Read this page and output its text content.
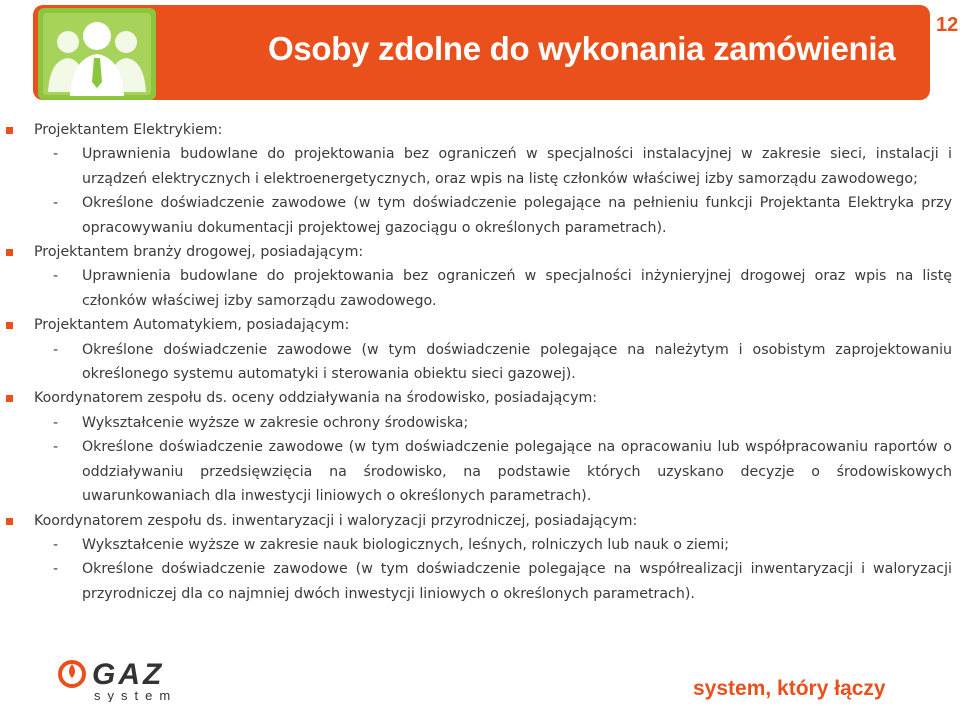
Osoby zdolne do wykonania zamówienia
12
Projektantem Elektrykiem:
- Uprawnienia budowlane do projektowania bez ograniczeń w specjalności instalacyjnej w zakresie sieci, instalacji i urządzeń elektrycznych i elektroenergetycznych, oraz wpis na listę członków właściwej izby samorządu zawodowego;
- Określone doświadczenie zawodowe (w tym doświadczenie polegające na pełnieniu funkcji Projektanta Elektryka przy opracowywaniu dokumentacji projektowej gazociągu o określonych parametrach).
Projektantem branży drogowej, posiadającym:
- Uprawnienia budowlane do projektowania bez ograniczeń w specjalności inżynieryjnej drogowej oraz wpis na listę członków właściwej izby samorządu zawodowego.
Projektantem Automatykiem, posiadającym:
- Określone doświadczenie zawodowe (w tym doświadczenie polegające na należytym i osobistym zaprojektowaniu określonego systemu automatyki i sterowania obiektu sieci gazowej).
Koordynatorem zespołu ds. oceny oddziaływania na środowisko, posiadającym:
- Wykształcenie wyższe w zakresie ochrony środowiska;
- Określone doświadczenie zawodowe (w tym doświadczenie polegające na opracowaniu lub współpracowaniu raportów o oddziaływaniu przedsięwzięcia na środowisko, na podstawie których uzyskano decyzje o środowiskowych uwarunkowaniach dla inwestycji liniowych o określonych parametrach).
Koordynatorem zespołu ds. inwentaryzacji i waloryzacji przyrodniczej, posiadającym:
- Wykształcenie wyższe w zakresie nauk biologicznych, leśnych, rolniczych lub nauk o ziemi;
- Określone doświadczenie zawodowe (w tym doświadczenie polegające na współrealizacji inwentaryzacji i waloryzacji przyrodniczej dla co najmniej dwóch inwestycji liniowych o określonych parametrach).
GAZ
system	system, który łączy
